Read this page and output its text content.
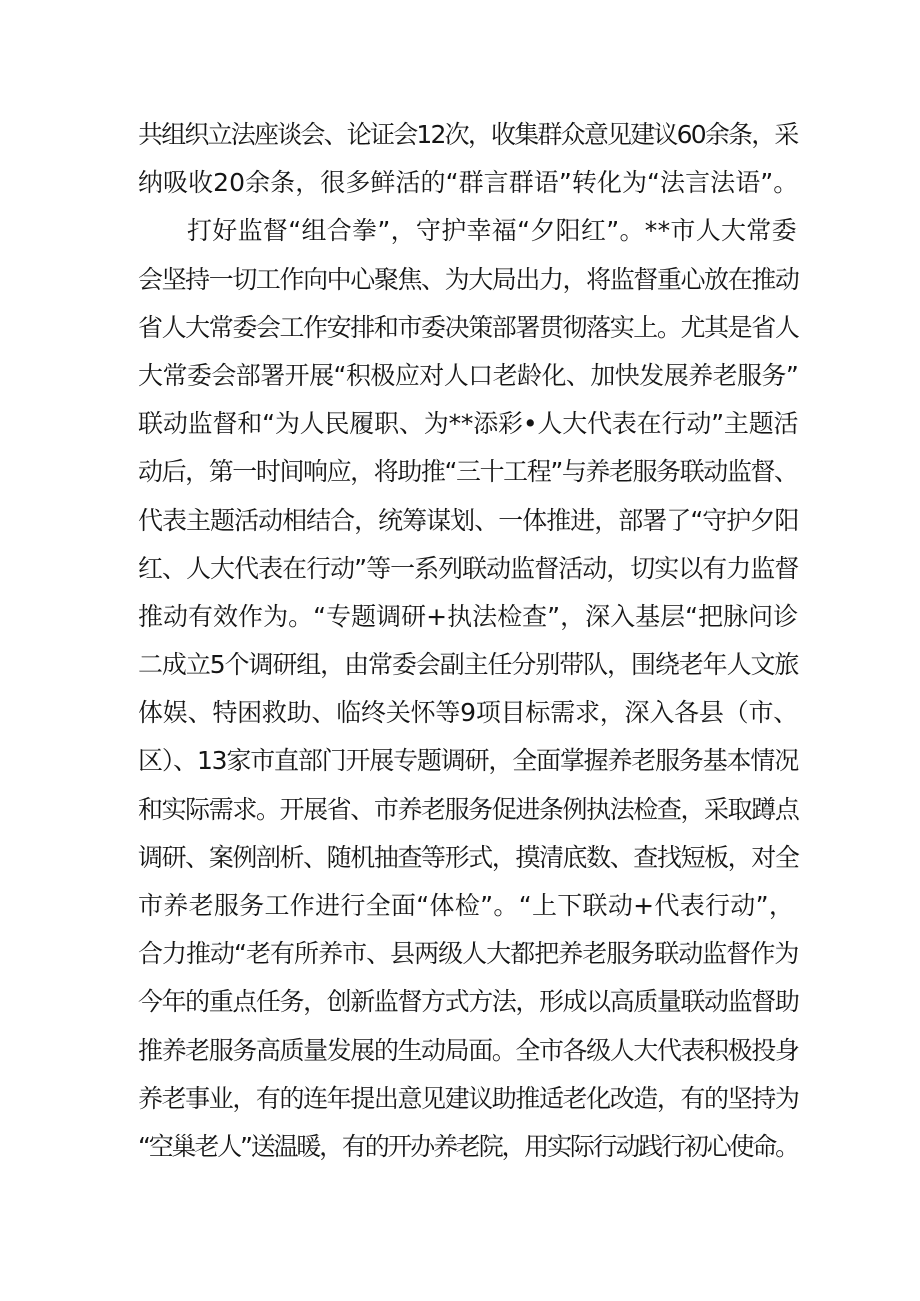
共组织立法座谈会、论证会12次，收集群众意见建议60余条，采
纳吸收20余条，很多鲜活的“群言群语”转化为“法言法语”。
打好监督“组合拳”，守护幸福“夕阳红”。**市人大常委
会坚持一切工作向中心聚焦、为大局出力，将监督重心放在推动
省人大常委会工作安排和市委决策部署贯彻落实上。尤其是省人
大常委会部署开展“积极应对人口老龄化、加快发展养老服务”
联动监督和“为人民履职、为**添彩•人大代表在行动”主题活
动后，第一时间响应，将助推“三十工程”与养老服务联动监督、
代表主题活动相结合，统筹谋划、一体推进，部署了“守护夕阳
红、人大代表在行动”等一系列联动监督活动，切实以有力监督
推动有效作为。“专题调研+执法检查”，深入基层“把脉问诊
二成立5个调研组，由常委会副主任分别带队，围绕老年人文旅
体娱、特困救助、临终关怀等9项目标需求，深入各县（市、
区）、13家市直部门开展专题调研，全面掌握养老服务基本情况
和实际需求。开展省、市养老服务促进条例执法检查，采取蹲点
调研、案例剖析、随机抽查等形式，摸清底数、查找短板，对全
市养老服务工作进行全面“体检”。“上下联动+代表行动”，
合力推动“老有所养市、县两级人大都把养老服务联动监督作为
今年的重点任务，创新监督方式方法，形成以高质量联动监督助
推养老服务高质量发展的生动局面。全市各级人大代表积极投身
养老事业，有的连年提出意见建议助推适老化改造，有的坚持为
“空巢老人”送温暖，有的开办养老院，用实际行动践行初心使命。
